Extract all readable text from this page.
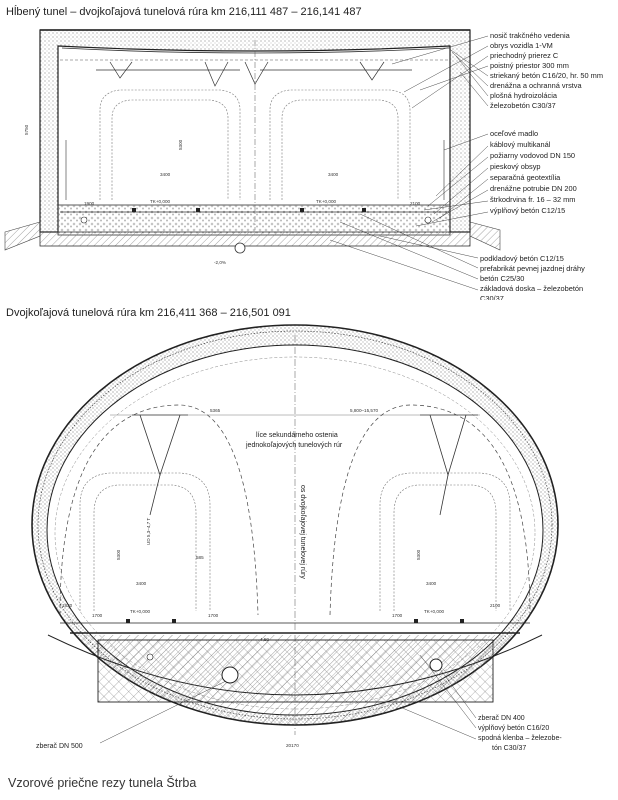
Hĺbený tunel – dvojkoľajová tunelová rúra km 216,111 487 – 216,141 487
Dvojkoľajová tunelová rúra km 216,411 368 – 216,501 091
Vzorové priečne rezy tunela Štrba
5750
1900	2100
5300
3400	3400
TK+0,000	TK+0,000
-2,0%
nosič trakčného vedenia
obrys vozidla 1-VM
priechodný prierez C
poistný priestor 300 mm
striekaný betón C16/20, hr. 50 mm
drenážna a ochranná vrstva
plošná hydroizolácia
železobetón C30/37
oceľové madlo
káblový multikanál
požiarny vodovod DN 150
pieskový obsyp
separačná geotextília
drenážne potrubie DN 200
štrkodrvina fr. 16 – 32 mm
výplňový betón C12/15
podkladový betón C12/15
prefabrikát pevnej jazdnej dráhy
betón C25/30
základová doska – železobetón
C30/37
5365	5,800–15,570
UD 5,3–4,7 T
5300	5300
3400	3400
585
1830	2100
1700	1700	1700
TK+0,000	TK+0,000
4,50
20170
os dvojkoľajovej tunelovej rúry
líce sekundárneho ostenia
jednokoľajových tunelových rúr
zberač DN 500
zberač DN 400
výplňový betón C16/20
spodná klenba – železobe-
tón C30/37
